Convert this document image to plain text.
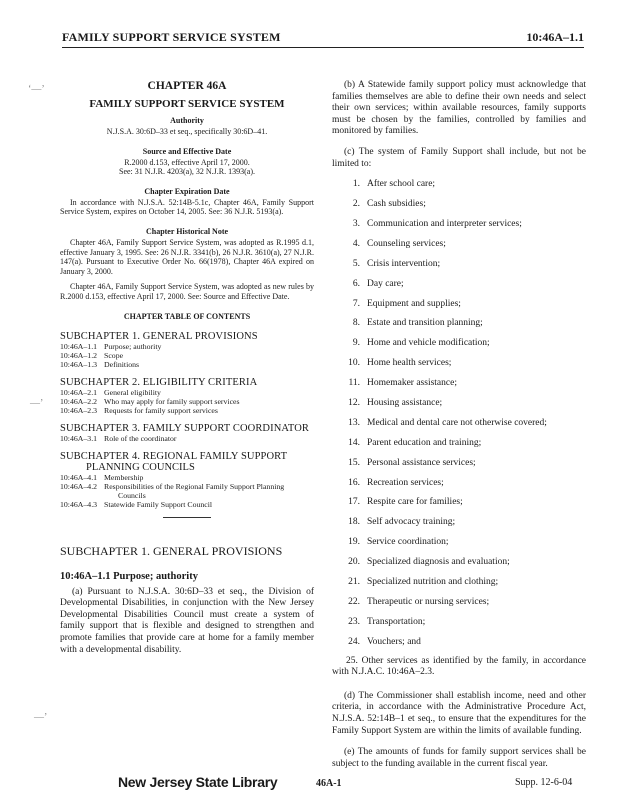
FAMILY SUPPORT SERVICE SYSTEM	10:46A–1.1
‘—’
—’
—’

CHAPTER 46A

FAMILY SUPPORT SERVICE SYSTEM

Authority

N.J.S.A. 30:6D–33 et seq., specifically 30:6D–41.

Source and Effective Date

R.2000 d.153, effective April 17, 2000.

See: 31 N.J.R. 4203(a), 32 N.J.R. 1393(a).

Chapter Expiration Date

In accordance with N.J.S.A. 52:14B-5.1c, Chapter 46A, Family Support Service System, expires on October 14, 2005. See: 36 N.J.R. 5193(a).

Chapter Historical Note

Chapter 46A, Family Support Service System, was adopted as R.1995 d.1, effective January 3, 1995. See: 26 N.J.R. 3341(b), 26 N.J.R. 3610(a), 27 N.J.R. 147(a). Pursuant to Executive Order No. 66(1978), Chapter 46A expired on January 3, 2000.

Chapter 46A, Family Support Service System, was adopted as new rules by R.2000 d.153, effective April 17, 2000. See: Source and Effective Date.

CHAPTER TABLE OF CONTENTS

SUBCHAPTER 1. GENERAL PROVISIONS

10:46A–1.1 Purpose; authority
10:46A–1.2 Scope
10:46A–1.3 Definitions

SUBCHAPTER 2. ELIGIBILITY CRITERIA

10:46A–2.1 General eligibility
10:46A–2.2 Who may apply for family support services
10:46A–2.3 Requests for family support services

SUBCHAPTER 3. FAMILY SUPPORT COORDINATOR

10:46A–3.1 Role of the coordinator

SUBCHAPTER 4. REGIONAL FAMILY SUPPORT

PLANNING COUNCILS

10:46A–4.1 Membership
10:46A–4.2 Responsibilities of the Regional Family Support Planning
Councils
10:46A–4.3 Statewide Family Support Council

SUBCHAPTER 1. GENERAL PROVISIONS

10:46A–1.1 Purpose; authority

(a) Pursuant to N.J.S.A. 30:6D–33 et seq., the Division of Developmental Disabilities, in conjunction with the New Jersey Developmental Disabilities Council must create a system of family support that is flexible and designed to strengthen and promote families that provide care at home for a family member with a developmental disability.

(b) A Statewide family support policy must acknowledge that families themselves are able to define their own needs and select their own services; within available resources, family supports must be chosen by the families, controlled by families and monitored by families.

(c) The system of Family Support shall include, but not be limited to:

1. After school care;
2. Cash subsidies;
3. Communication and interpreter services;
4. Counseling services;
5. Crisis intervention;
6. Day care;
7. Equipment and supplies;
8. Estate and transition planning;
9. Home and vehicle modification;
10. Home health services;
11. Homemaker assistance;
12. Housing assistance;
13. Medical and dental care not otherwise covered;
14. Parent education and training;
15. Personal assistance services;
16. Recreation services;
17. Respite care for families;
18. Self advocacy training;
19. Service coordination;
20. Specialized diagnosis and evaluation;
21. Specialized nutrition and clothing;
22. Therapeutic or nursing services;
23. Transportation;
24. Vouchers; and

25. Other services as identified by the family, in accordance with N.J.A.C. 10:46A–2.3.

(d) The Commissioner shall establish income, need and other criteria, in accordance with the Administrative Procedure Act, N.J.S.A. 52:14B–1 et seq., to ensure that the expenditures for the Family Support System are within the limits of available funding.

(e) The amounts of funds for family support services shall be subject to the funding available in the current fiscal year.

New Jersey State Library	46A-1	Supp. 12-6-04
